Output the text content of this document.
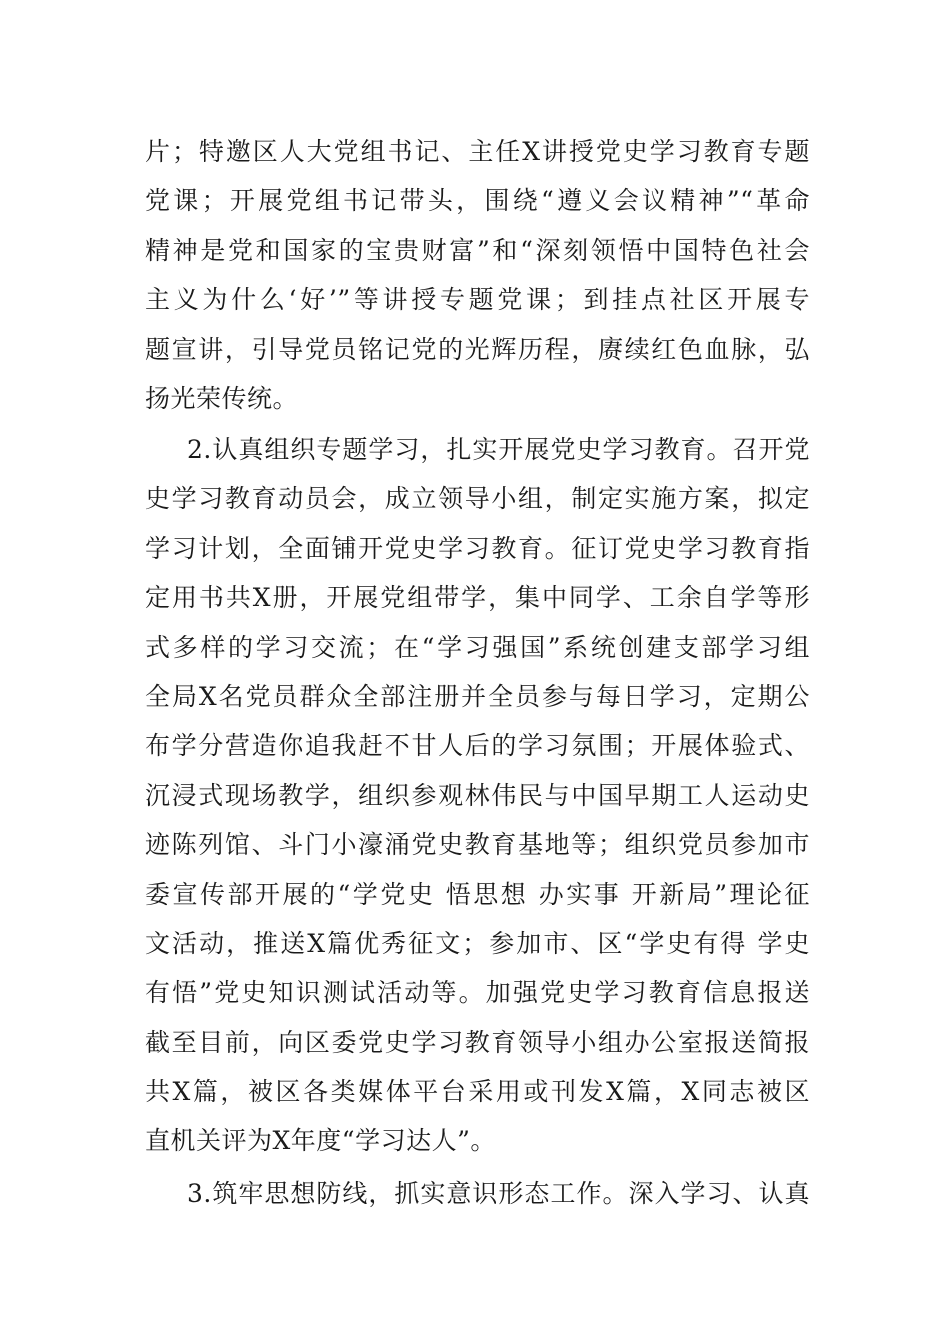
片；特邀区人大党组书记、主任X讲授党史学习教育专题
党课；开展党组书记带头，围绕“遵义会议精神”“革命
精神是党和国家的宝贵财富”和“深刻领悟中国特色社会
主义为什么‘好’”等讲授专题党课；到挂点社区开展专
题宣讲，引导党员铭记党的光辉历程，赓续红色血脉，弘
扬光荣传统。
2.认真组织专题学习，扎实开展党史学习教育。召开党
史学习教育动员会，成立领导小组，制定实施方案，拟定
学习计划，全面铺开党史学习教育。征订党史学习教育指
定用书共X册，开展党组带学，集中同学、工余自学等形
式多样的学习交流；在“学习强国”系统创建支部学习组
全局X名党员群众全部注册并全员参与每日学习，定期公
布学分营造你追我赶不甘人后的学习氛围；开展体验式、
沉浸式现场教学，组织参观林伟民与中国早期工人运动史
迹陈列馆、斗门小濠涌党史教育基地等；组织党员参加市
委宣传部开展的“学党史 悟思想 办实事 开新局”理论征
文活动，推送X篇优秀征文；参加市、区“学史有得 学史
有悟”党史知识测试活动等。加强党史学习教育信息报送
截至目前，向区委党史学习教育领导小组办公室报送简报
共X篇，被区各类媒体平台采用或刊发X篇，X同志被区
直机关评为X年度“学习达人”。
3.筑牢思想防线，抓实意识形态工作。深入学习、认真
